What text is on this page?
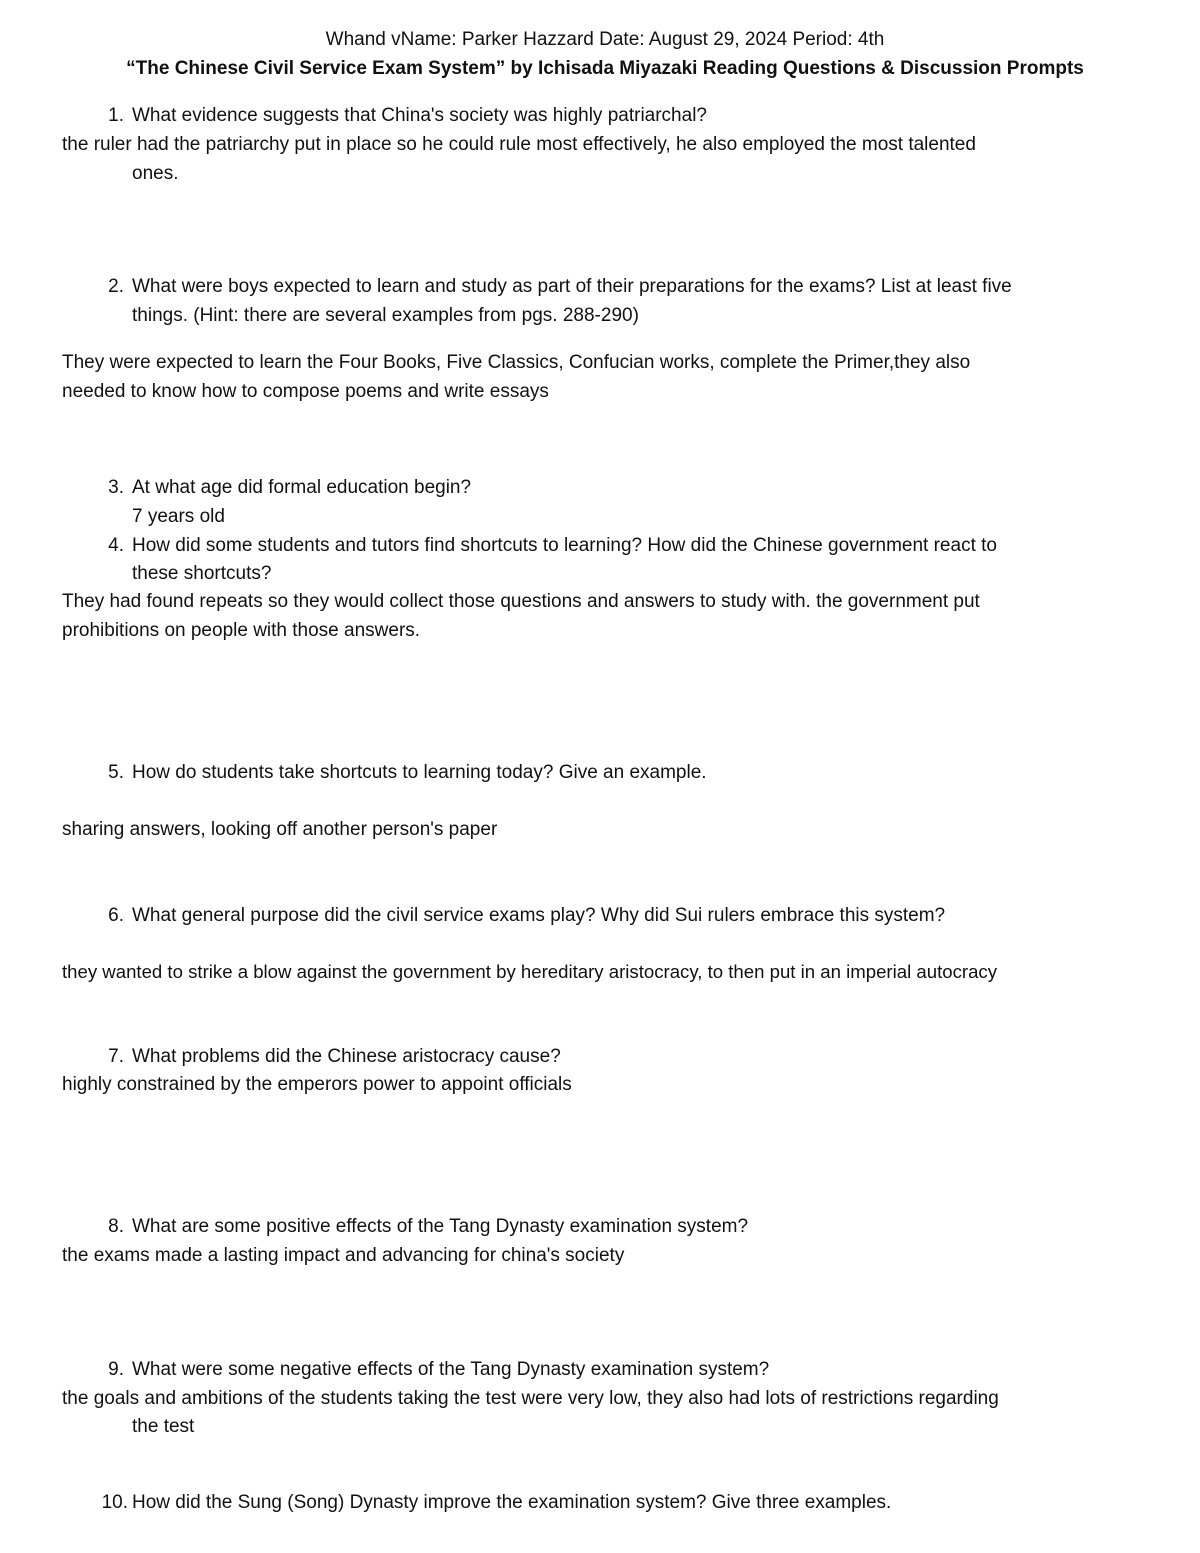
Whand vName: Parker Hazzard Date: August 29, 2024 Period: 4th
“The Chinese Civil Service Exam System” by Ichisada Miyazaki Reading Questions & Discussion Prompts
1. What evidence suggests that China's society was highly patriarchal?
the ruler had the patriarchy put in place so he could rule most effectively, he also employed the most talented
ones.
2. What were boys expected to learn and study as part of their preparations for the exams? List at least five
things. (Hint: there are several examples from pgs. 288-290)
They were expected to learn the Four Books, Five Classics, Confucian works, complete the Primer,they also
needed to know how to compose poems and write essays
3. At what age did formal education begin?
7 years old
4. How did some students and tutors find shortcuts to learning? How did the Chinese government react to
these shortcuts?
They had found repeats so they would collect those questions and answers to study with. the government put
prohibitions on people with those answers.
5. How do students take shortcuts to learning today? Give an example.
sharing answers, looking off another person's paper
6. What general purpose did the civil service exams play? Why did Sui rulers embrace this system?
they wanted to strike a blow against the government by hereditary aristocracy, to then put in an imperial autocracy
7. What problems did the Chinese aristocracy cause?
highly constrained by the emperors power to appoint officials
8. What are some positive effects of the Tang Dynasty examination system?
the exams made a lasting impact and advancing for china's society
9. What were some negative effects of the Tang Dynasty examination system?
the goals and ambitions of the students taking the test were very low, they also had lots of restrictions regarding
the test
10. How did the Sung (Song) Dynasty improve the examination system? Give three examples.
